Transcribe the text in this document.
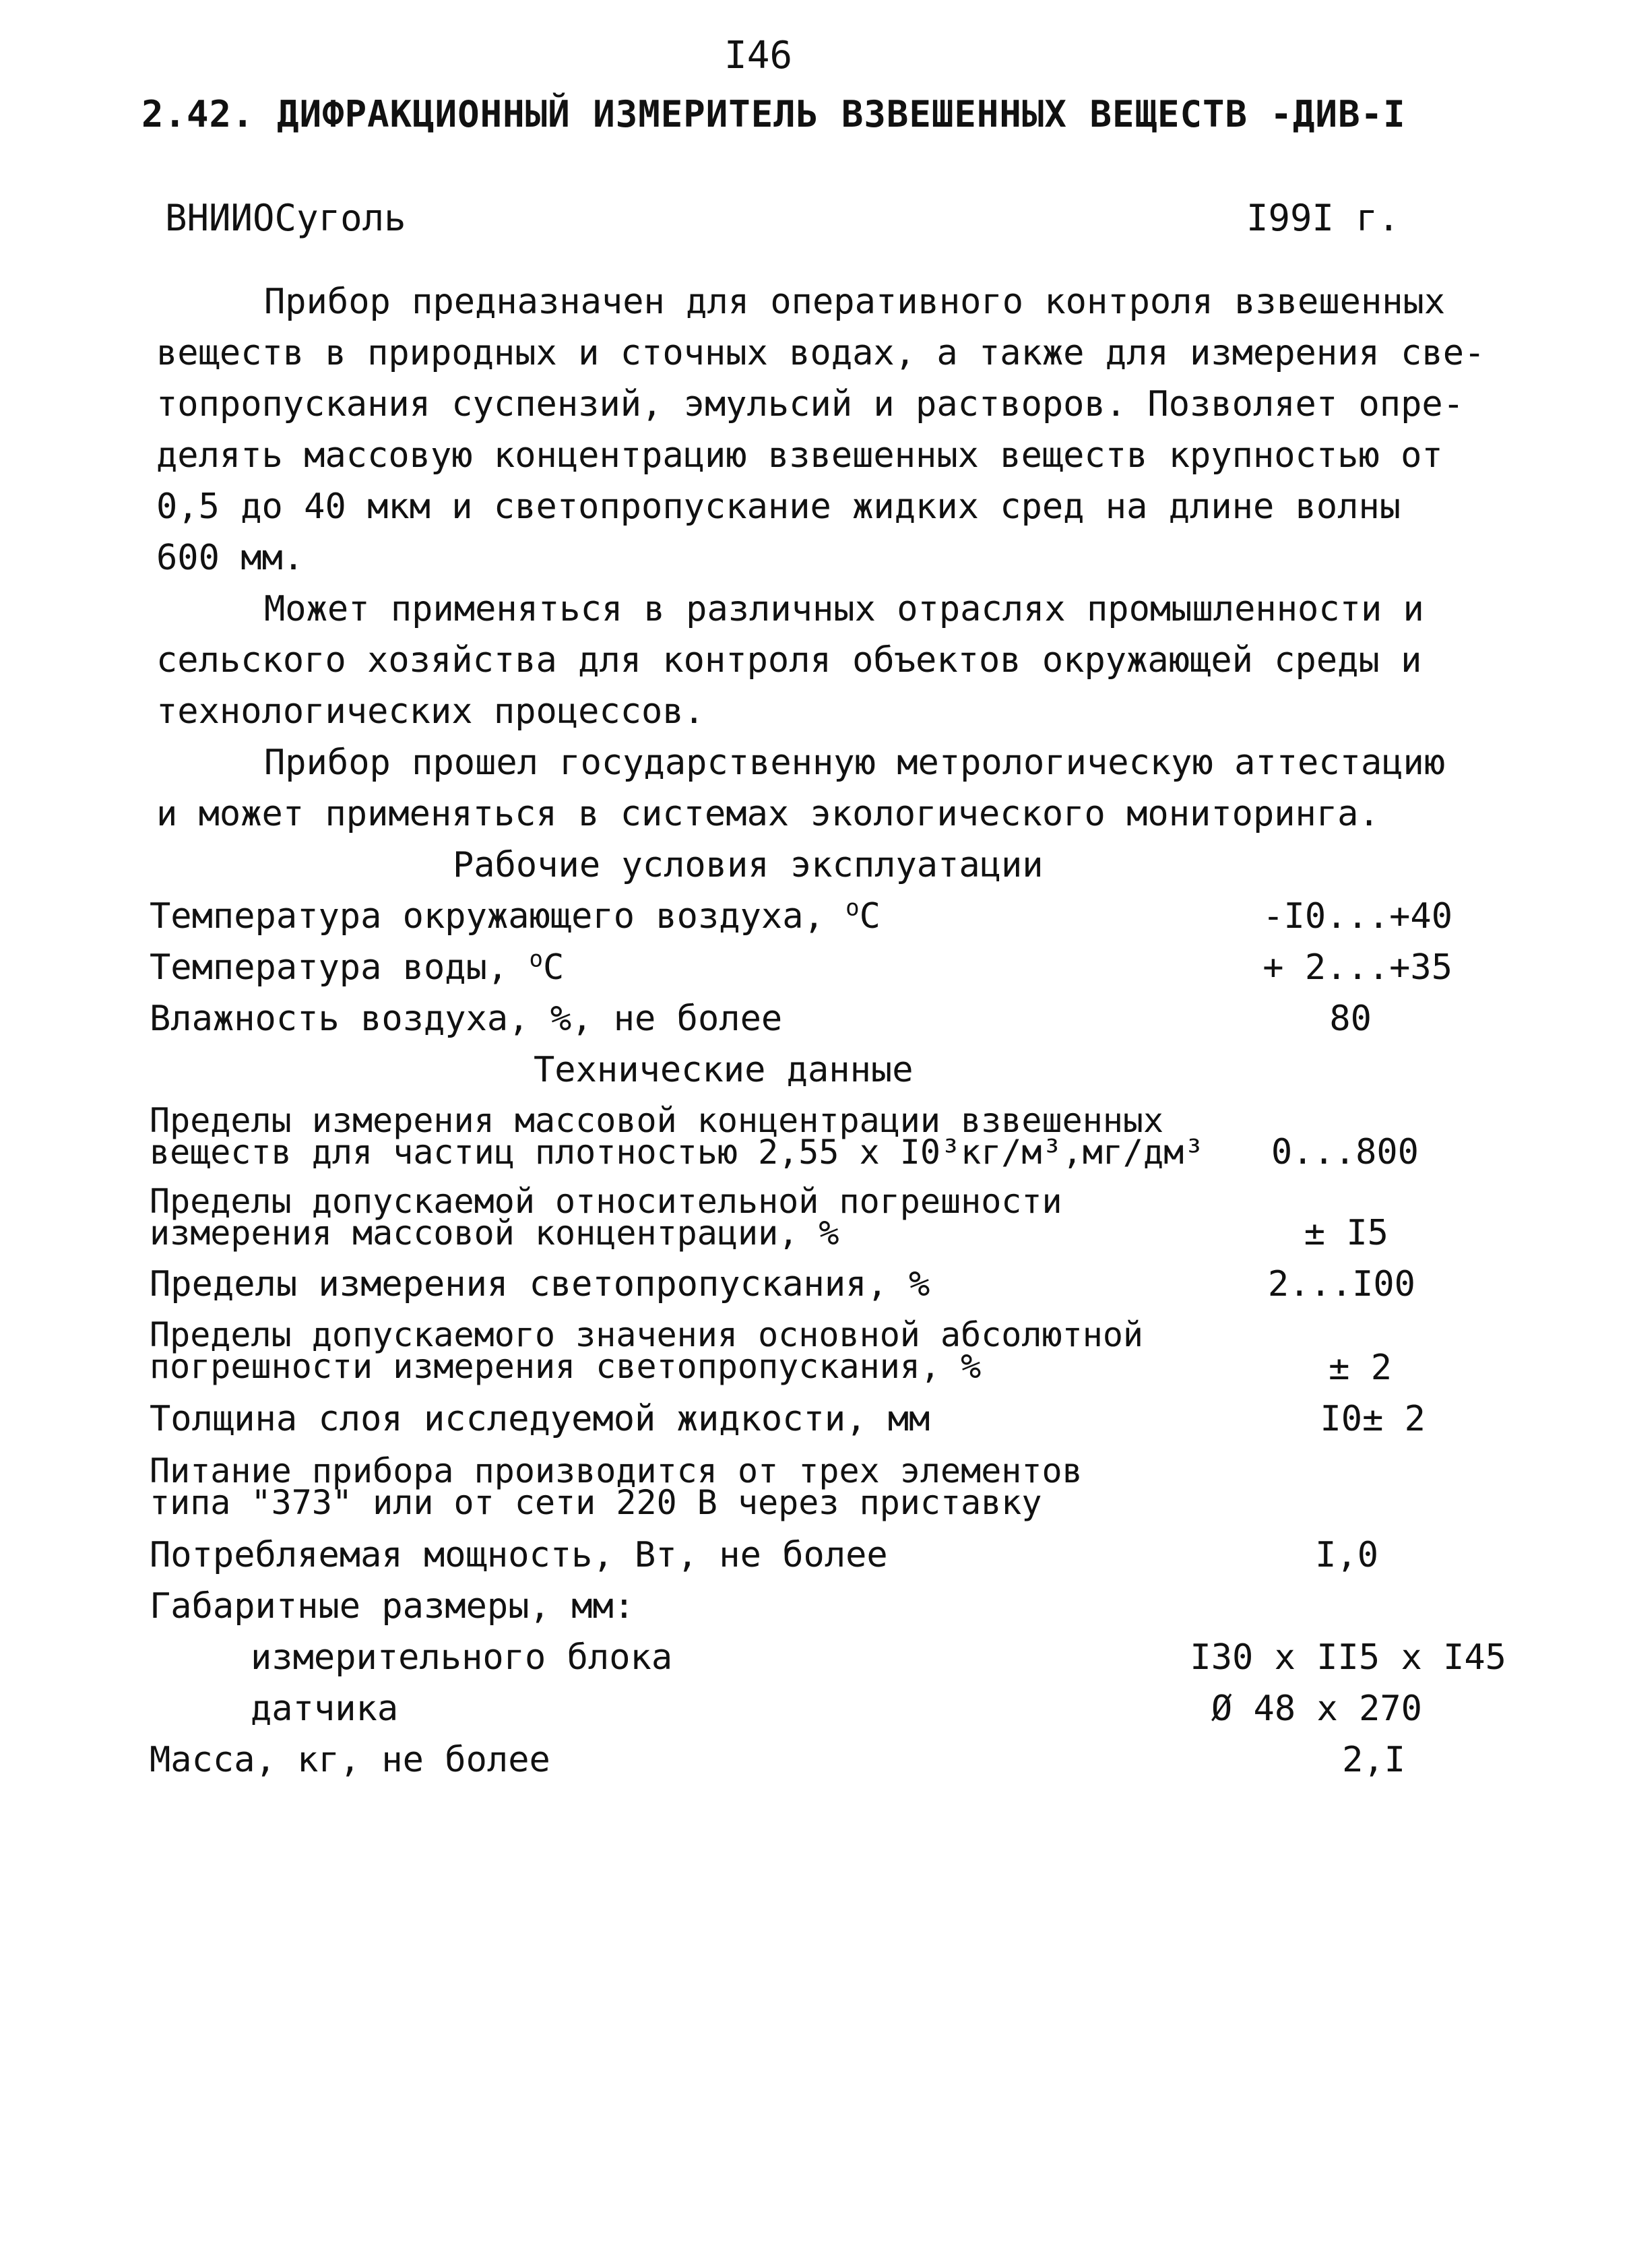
I46
2.42. ДИФРАКЦИОННЫЙ ИЗМЕРИТЕЛЬ ВЗВЕШЕННЫХ ВЕЩЕСТВ -ДИВ-I
ВНИИОСуголь	I99I г.
Прибор предназначен для оперативного контроля взвешенных
веществ в природных и сточных водах, а также для измерения све-
топропускания суспензий, эмульсий и растворов. Позволяет опре-
делять массовую концентрацию взвешенных веществ крупностью от
0,5 до 40 мкм и светопропускание жидких сред на длине волны
600 мм.
Может применяться в различных отраслях промышленности и
сельского хозяйства для контроля объектов окружающей среды и
технологических процессов.
Прибор прошел государственную метрологическую аттестацию
и может применяться в системах экологического мониторинга.
Рабочие условия эксплуатации
Температура окружающего воздуха, $^o$С	-I0...+40
Температура воды, $^o$С	+ 2...+35
Влажность воздуха, %, не более	80
Технические данные
Пределы измерения массовой концентрации взвешенных
веществ для частиц плотностью 2,55 х I0³кг/м³,мг/дм³ 0...800
Пределы допускаемой относительной погрешности
измерения массовой концентрации, %	± I5
Пределы измерения светопропускания, %	2...I00
Пределы допускаемого значения основной абсолютной
погрешности измерения светопропускания, %	± 2
Толщина слоя исследуемой жидкости, мм	I0± 2
Питание прибора производится от трех элементов
типа "373" или от сети 220 В через приставку
Потребляемая мощность, Вт, не более	I,0
Габаритные размеры, мм:
измерительного блока	I30 x II5 x I45
датчика	Ø 48 x 270
Масса, кг, не более	2,I
